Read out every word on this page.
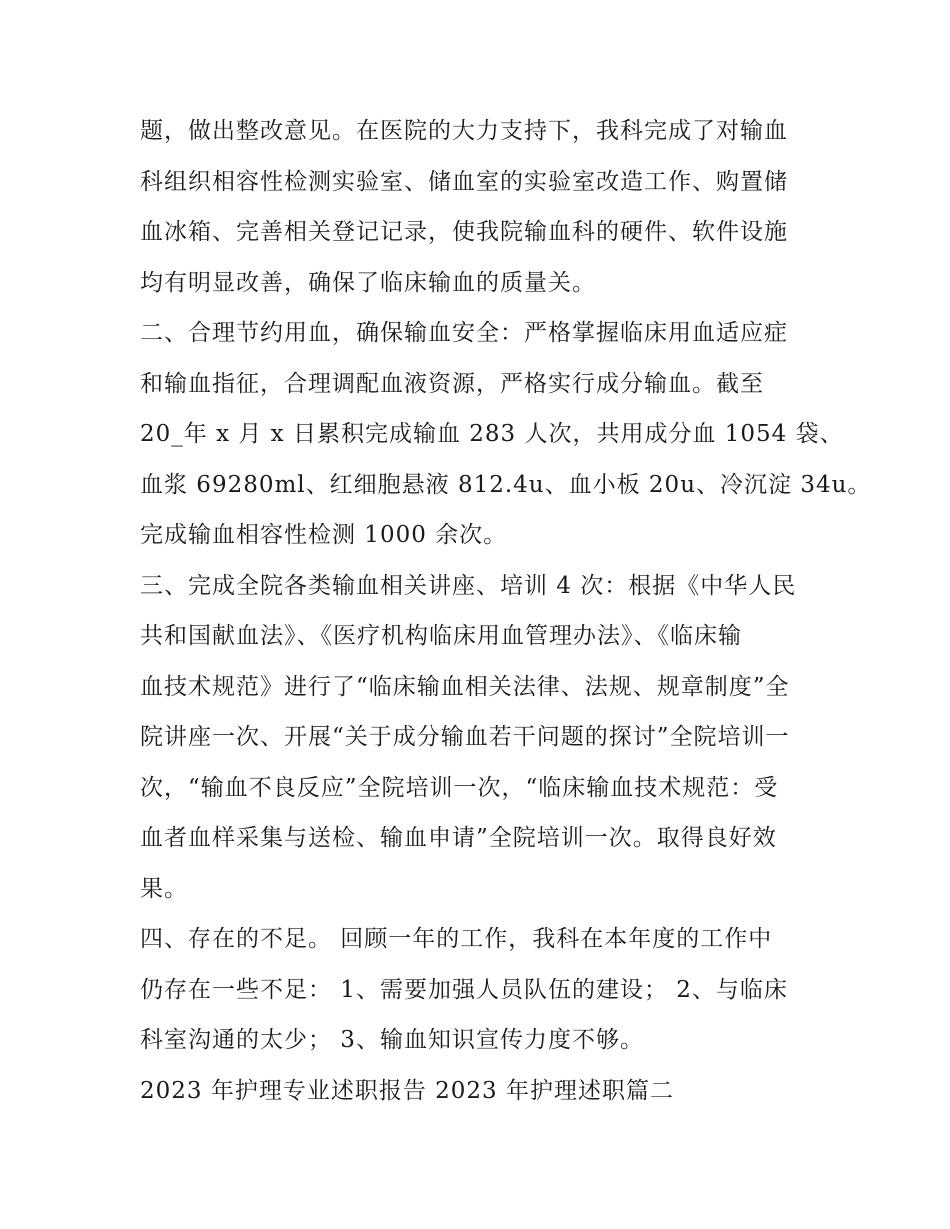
题，做出整改意见。在医院的大力支持下，我科完成了对输血
科组织相容性检测实验室、储血室的实验室改造工作、购置储
血冰箱、完善相关登记记录，使我院输血科的硬件、软件设施
均有明显改善，确保了临床输血的质量关。
二、合理节约用血，确保输血安全：严格掌握临床用血适应症
和输血指征，合理调配血液资源，严格实行成分输血。截至
20_年 x 月 x 日累积完成输血 283 人次，共用成分血 1054 袋、
血浆 69280ml、红细胞悬液 812.4u、血小板 20u、冷沉淀 34u。
完成输血相容性检测 1000 余次。
三、完成全院各类输血相关讲座、培训 4 次：根据《中华人民
共和国献血法》、《医疗机构临床用血管理办法》、《临床输
血技术规范》进行了“临床输血相关法律、法规、规章制度”全
院讲座一次、开展“关于成分输血若干问题的探讨”全院培训一
次，“输血不良反应”全院培训一次，“临床输血技术规范：受
血者血样采集与送检、输血申请”全院培训一次。取得良好效
果。
四、存在的不足。 回顾一年的工作，我科在本年度的工作中
仍存在一些不足： 1、需要加强人员队伍的建设； 2、与临床
科室沟通的太少； 3、输血知识宣传力度不够。
2023 年护理专业述职报告 2023 年护理述职篇二
